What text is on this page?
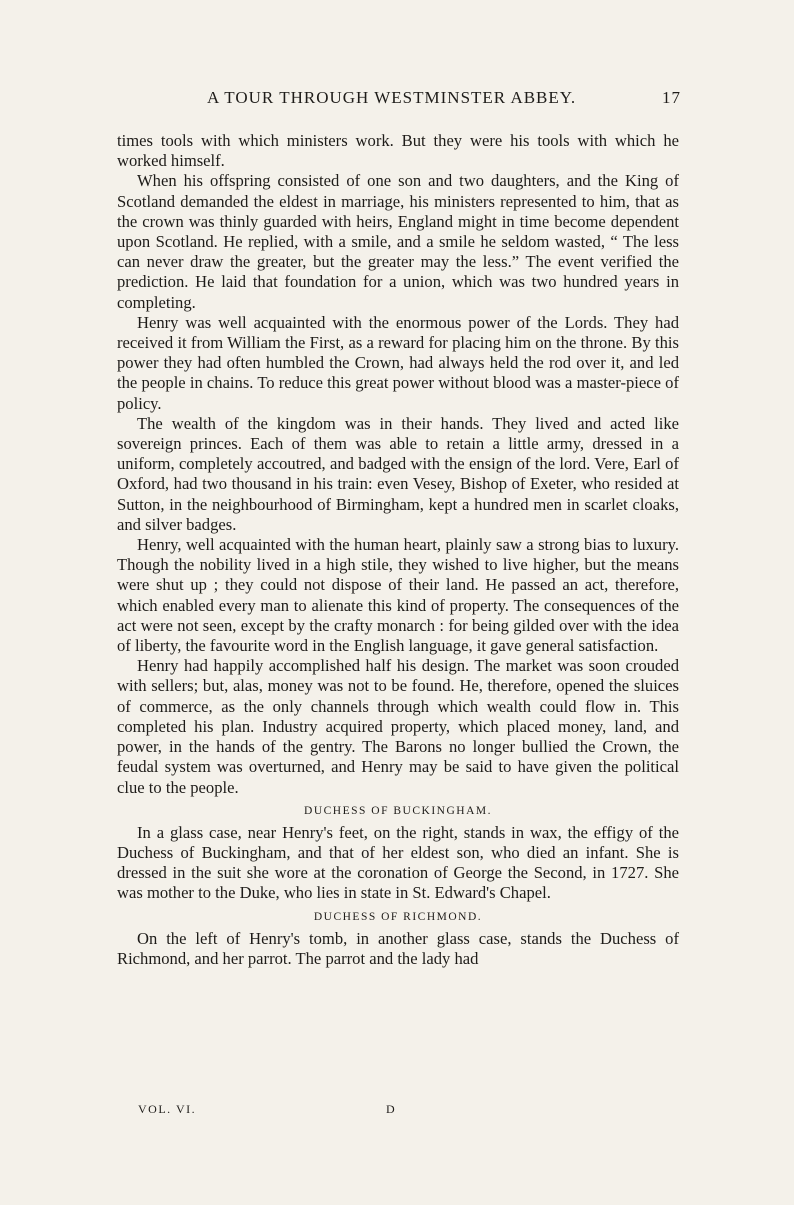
A TOUR THROUGH WESTMINSTER ABBEY.	17

times tools with which ministers work. But they were his tools with which he worked himself.

When his offspring consisted of one son and two daughters, and the King of Scotland demanded the eldest in marriage, his ministers represented to him, that as the crown was thinly guarded with heirs, England might in time become dependent upon Scotland. He replied, with a smile, and a smile he seldom wasted, “ The less can never draw the greater, but the greater may the less.” The event verified the prediction. He laid that foundation for a union, which was two hundred years in completing.

Henry was well acquainted with the enormous power of the Lords. They had received it from William the First, as a reward for placing him on the throne. By this power they had often humbled the Crown, had always held the rod over it, and led the people in chains. To reduce this great power without blood was a master-piece of policy.

The wealth of the kingdom was in their hands. They lived and acted like sovereign princes. Each of them was able to retain a little army, dressed in a uniform, completely accoutred, and badged with the ensign of the lord. Vere, Earl of Oxford, had two thousand in his train: even Vesey, Bishop of Exeter, who resided at Sutton, in the neighbourhood of Birmingham, kept a hundred men in scarlet cloaks, and silver badges.

Henry, well acquainted with the human heart, plainly saw a strong bias to luxury. Though the nobility lived in a high stile, they wished to live higher, but the means were shut up ; they could not dispose of their land. He passed an act, therefore, which enabled every man to alienate this kind of property. The consequences of the act were not seen, except by the crafty monarch : for being gilded over with the idea of liberty, the favourite word in the English language, it gave general satisfaction.

Henry had happily accomplished half his design. The market was soon crouded with sellers; but, alas, money was not to be found. He, therefore, opened the sluices of commerce, as the only channels through which wealth could flow in. This completed his plan. Industry acquired property, which placed money, land, and power, in the hands of the gentry. The Barons no longer bullied the Crown, the feudal system was overturned, and Henry may be said to have given the political clue to the people.

DUCHESS OF BUCKINGHAM.

In a glass case, near Henry's feet, on the right, stands in wax, the effigy of the Duchess of Buckingham, and that of her eldest son, who died an infant. She is dressed in the suit she wore at the coronation of George the Second, in 1727. She was mother to the Duke, who lies in state in St. Edward's Chapel.

DUCHESS OF RICHMOND.

On the left of Henry's tomb, in another glass case, stands the Duchess of Richmond, and her parrot. The parrot and the lady had

VOL. VI.	D
